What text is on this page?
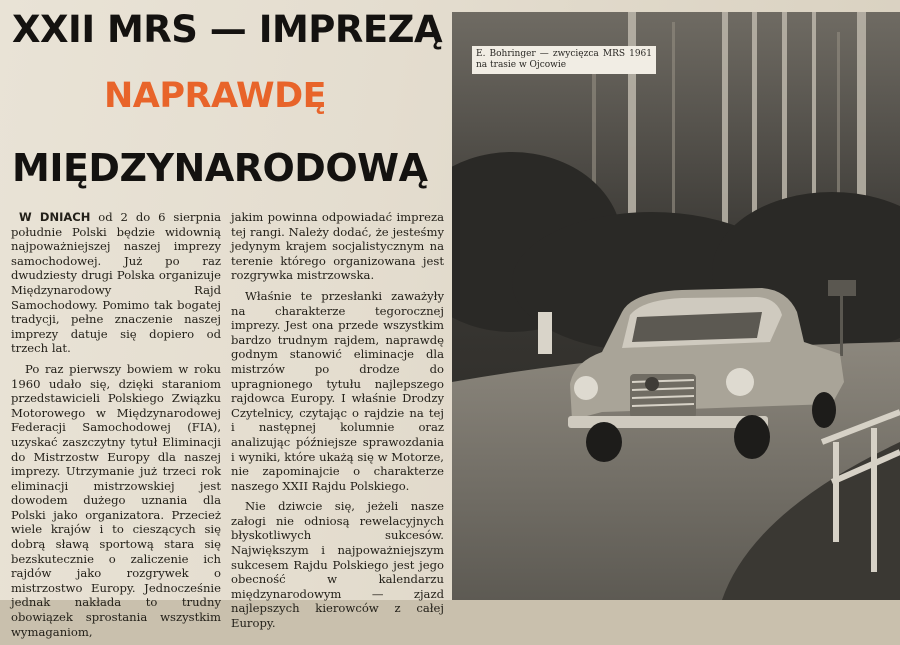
XXII MRS — IMPREZĄ
NAPRAWDĘ
MIĘDZYNARODOWĄ

W DNIACH od 2 do 6 sierpnia południe Polski będzie widownią najpoważniejszej naszej imprezy samochodowej. Już po raz dwudziesty drugi Polska organizuje Międzynarodowy Rajd Samochodowy. Pomimo tak bogatej tradycji, pełne znaczenie naszej imprezy datuje się dopiero od trzech lat.

Po raz pierwszy bowiem w roku 1960 udało się, dzięki staraniom przedstawicieli Polskiego Związku Motorowego w Międzynarodowej Federacji Samochodowej (FIA), uzyskać zaszczytny tytuł Eliminacji do Mistrzostw Europy dla naszej imprezy. Utrzymanie już trzeci rok eliminacji mistrzowskiej jest dowodem dużego uznania dla Polski jako organizatora. Przecież wiele krajów i to cieszących się dobrą sławą sportową stara się bezskutecznie o zaliczenie ich rajdów jako rozgrywek o mistrzostwo Europy. Jednocześnie jednak nakłada to trudny obowiązek sprostania wszystkim wymaganiom,

jakim powinna odpowiadać impreza tej rangi. Należy dodać, że jesteśmy jedynym krajem socjalistycznym na terenie którego organizowana jest rozgrywka mistrzowska.

Właśnie te przesłanki zaważyły na charakterze tegorocznej imprezy. Jest ona przede wszystkim bardzo trudnym rajdem, naprawdę godnym stanowić eliminacje dla mistrzów po drodze do upragnionego tytułu najlepszego rajdowca Europy. I właśnie Drodzy Czytelnicy, czytając o rajdzie na tej i następnej kolumnie oraz analizując późniejsze sprawozdania i wyniki, które ukażą się w Motorze, nie zapominajcie o charakterze naszego XXII Rajdu Polskiego.

Nie dziwcie się, jeżeli nasze załogi nie odniosą rewelacyjnych błyskotliwych sukcesów. Największym i najpoważniejszym sukcesem Rajdu Polskiego jest jego obecność w kalendarzu międzynarodowym — zjazd najlepszych kierowców z całej Europy.

E. Bohringer — zwycięzca MRS 1961 na trasie w Ojcowie
